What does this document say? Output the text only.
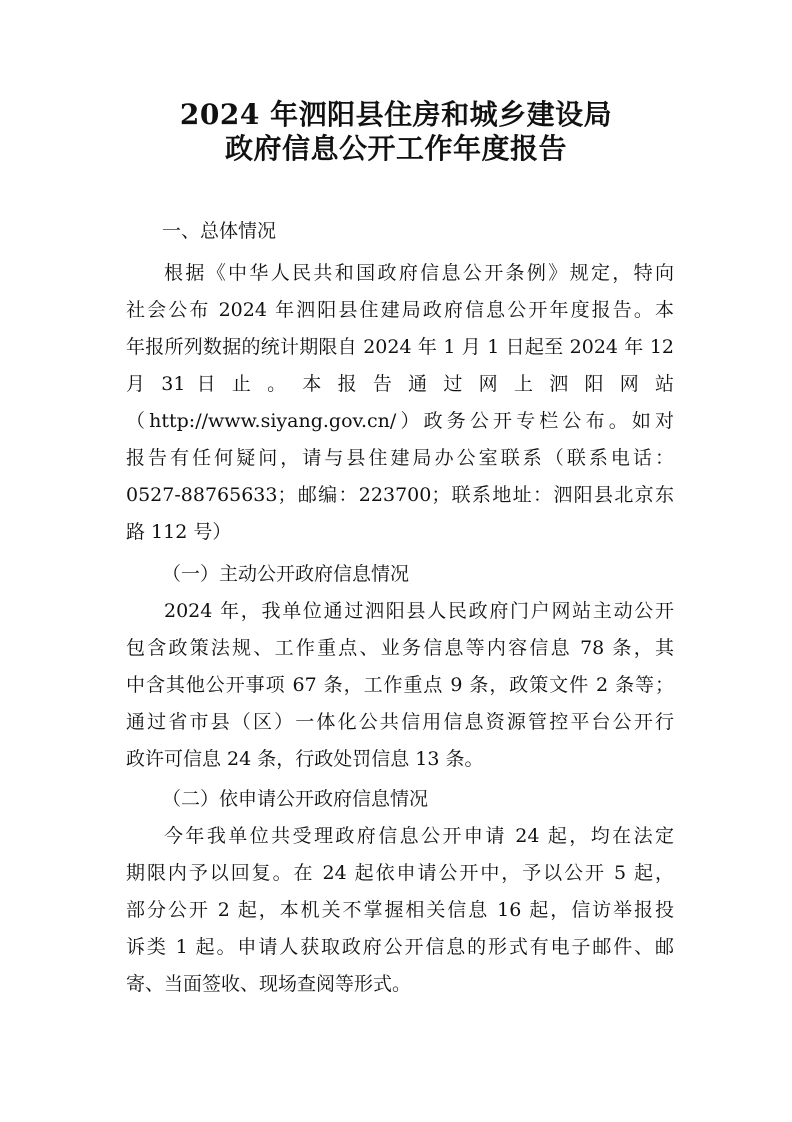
2024 年泗阳县住房和城乡建设局
政府信息公开工作年度报告
一、总体情况
根据《中华人民共和国政府信息公开条例》规定，特向
社会公布 2024 年泗阳县住建局政府信息公开年度报告。本
年报所列数据的统计期限自 2024 年 1 月 1 日起至 2024 年 12
月 31 日 止 。 本 报 告 通 过 网 上 泗 阳 网 站
（http://www.siyang.gov.cn/）政务公开专栏公布。如对
报告有任何疑问，请与县住建局办公室联系（联系电话：
0527-88765633；邮编：223700；联系地址：泗阳县北京东
路 112 号）
（一）主动公开政府信息情况
2024 年，我单位通过泗阳县人民政府门户网站主动公开
包含政策法规、工作重点、业务信息等内容信息 78 条，其
中含其他公开事项 67 条，工作重点 9 条，政策文件 2 条等；
通过省市县（区）一体化公共信用信息资源管控平台公开行
政许可信息 24 条，行政处罚信息 13 条。
（二）依申请公开政府信息情况
今年我单位共受理政府信息公开申请 24 起，均在法定
期限内予以回复。在 24 起依申请公开中，予以公开 5 起，
部分公开 2 起，本机关不掌握相关信息 16 起，信访举报投
诉类 1 起。申请人获取政府公开信息的形式有电子邮件、邮
寄、当面签收、现场查阅等形式。
